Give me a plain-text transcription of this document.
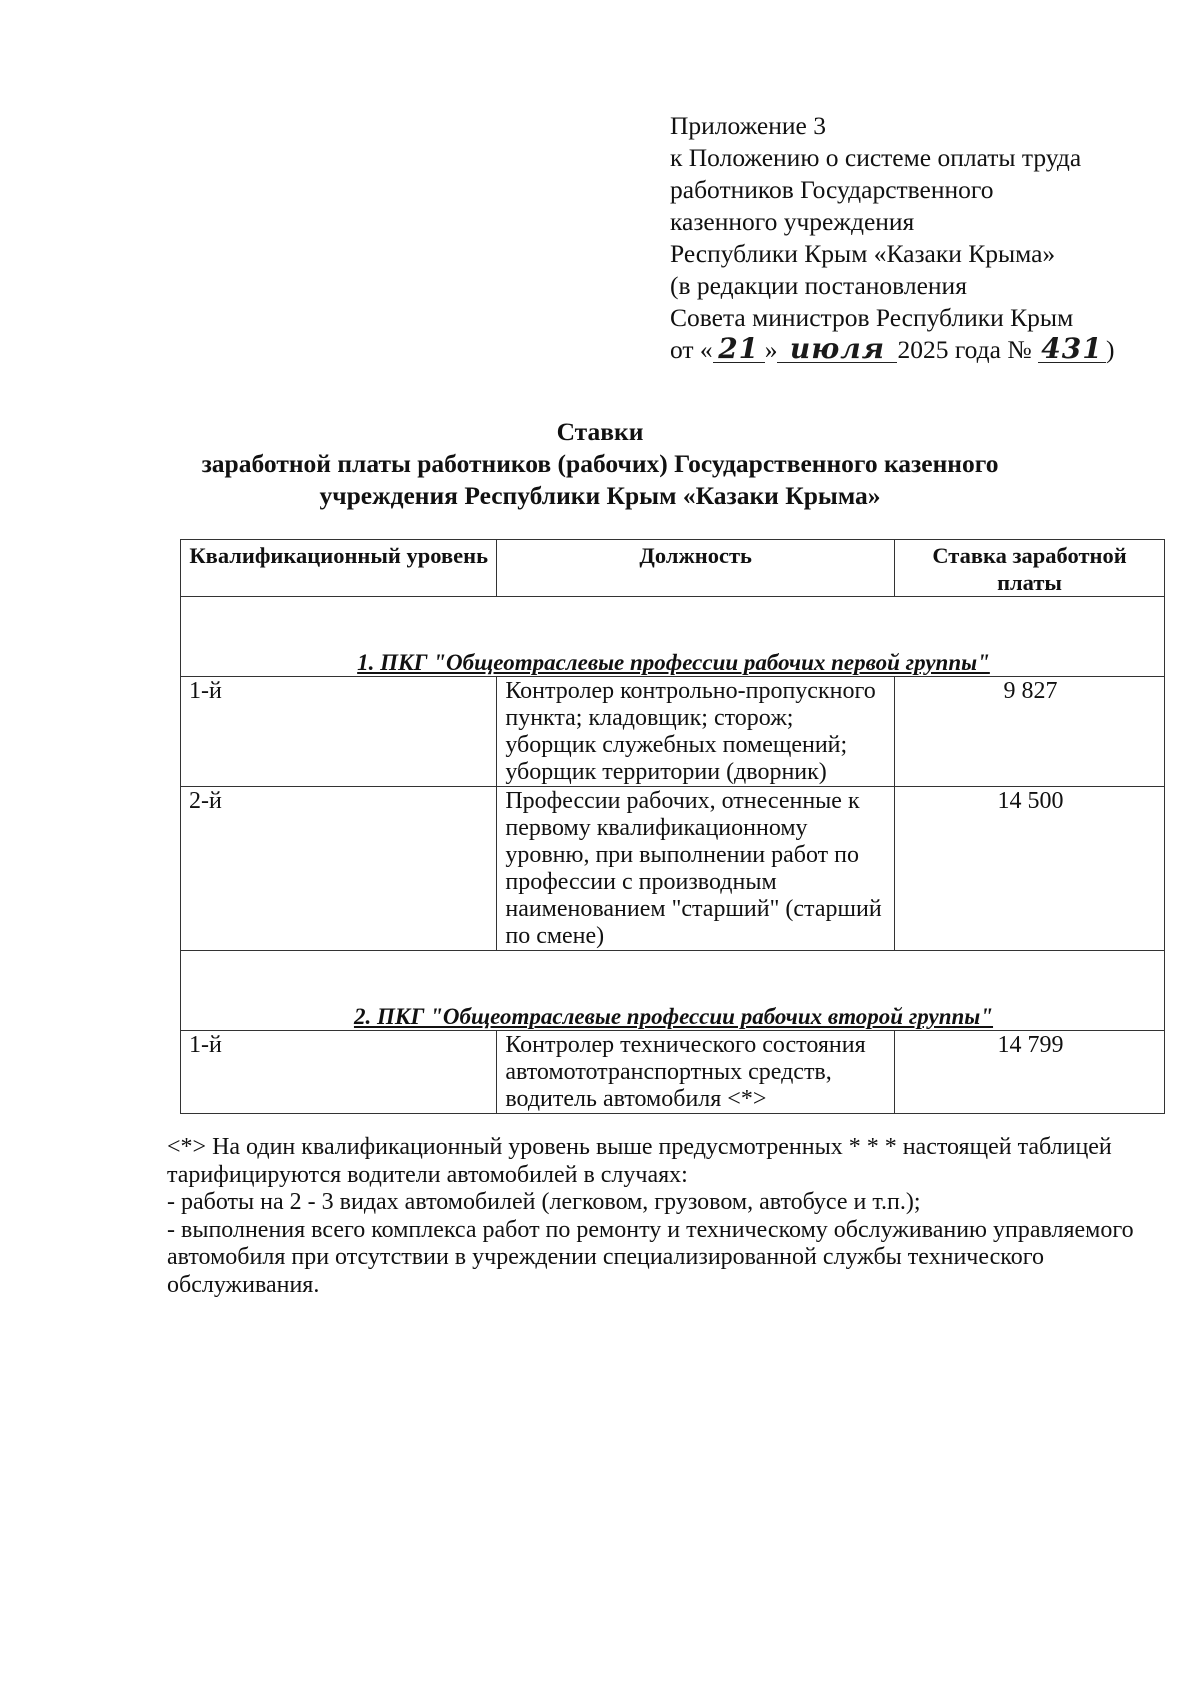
Приложение 3
к Положению о системе оплаты труда
работников Государственного
казенного учреждения
Республики Крым «Казаки Крыма»
(в редакции постановления
Совета министров Республики Крым
от « 21 » июля 2025 года № 431 )
Ставки
заработной платы работников (рабочих) Государственного казенного
учреждения Республики Крым «Казаки Крыма»
Квалификационный уровень	Должность	Ставка заработной платы
1. ПКГ "Общеотраслевые профессии рабочих первой группы"		
1-й	Контролер контрольно-пропускного пункта; кладовщик; сторож; уборщик служебных помещений; уборщик территории (дворник)	9 827
2-й	Профессии рабочих, отнесенные к первому квалификационному уровню, при выполнении работ по профессии с производным наименованием "старший" (старший по смене)	14 500
2. ПКГ "Общеотраслевые профессии рабочих второй группы"		
1-й	Контролер технического состояния автомототранспортных средств, водитель автомобиля <*>	14 799

<*> На один квалификационный уровень выше предусмотренных * * * настоящей таблицей тарифицируются водители автомобилей в случаях:

- работы на 2 - 3 видах автомобилей (легковом, грузовом, автобусе и т.п.);

- выполнения всего комплекса работ по ремонту и техническому обслуживанию управляемого автомобиля при отсутствии в учреждении специализированной службы технического обслуживания.
